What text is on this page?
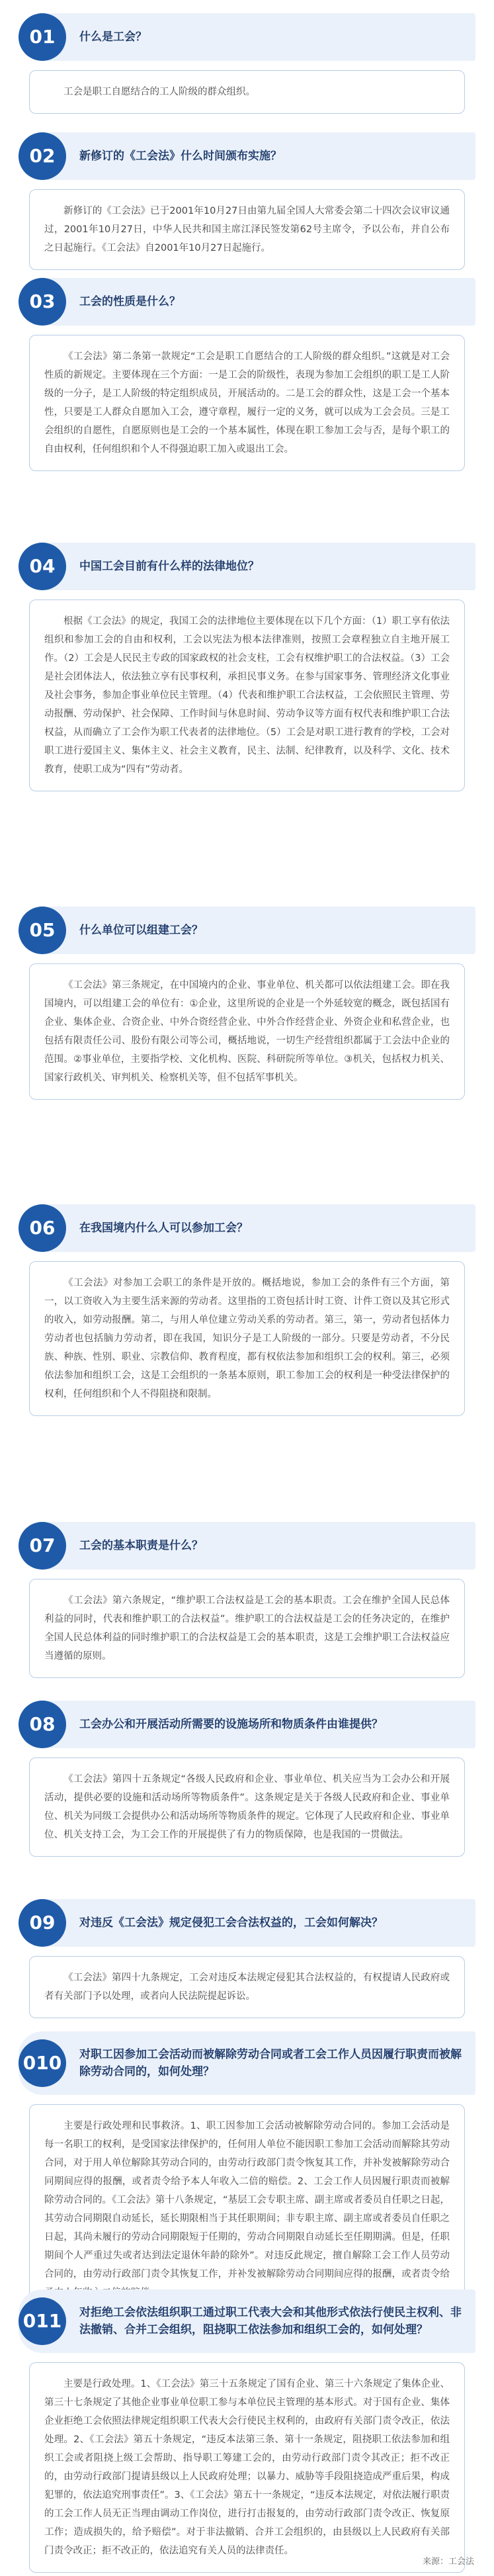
01	什么是工会？

工会是职工自愿结合的工人阶级的群众组织。

02	新修订的《工会法》什么时间颁布实施？

新修订的《工会法》已于2001年10月27日由第九届全国人大常委会第二十四次会议审议通过，2001年10月27日，中华人民共和国主席江泽民签发第62号主席令，予以公布，并自公布之日起施行。《工会法》自2001年10月27日起施行。

03	工会的性质是什么？

《工会法》第二条第一款规定“工会是职工自愿结合的工人阶级的群众组织。”这就是对工会性质的新规定。主要体现在三个方面：一是工会的阶级性，表现为参加工会组织的职工是工人阶级的一分子，是工人阶级的特定组织成员，开展活动的。二是工会的群众性，这是工会一个基本性，只要是工人群众自愿加入工会，遵守章程，履行一定的义务，就可以成为工会会员。三是工会组织的自愿性，自愿原则也是工会的一个基本属性，体现在职工参加工会与否，是每个职工的自由权利，任何组织和个人不得强迫职工加入或退出工会。

04	中国工会目前有什么样的法律地位？

根据《工会法》的规定，我国工会的法律地位主要体现在以下几个方面：（1）职工享有依法组织和参加工会的自由和权利，工会以宪法为根本法律准则，按照工会章程独立自主地开展工作。（2）工会是人民民主专政的国家政权的社会支柱，工会有权维护职工的合法权益。（3）工会是社会团体法人，依法独立享有民事权利，承担民事义务。在参与国家事务、管理经济文化事业及社会事务，参加企事业单位民主管理。（4）代表和维护职工合法权益，工会依照民主管理、劳动报酬、劳动保护、社会保障、工作时间与休息时间、劳动争议等方面有权代表和维护职工合法权益，从而确立了工会作为职工代表者的法律地位。（5）工会是对职工进行教育的学校，工会对职工进行爱国主义、集体主义、社会主义教育，民主、法制、纪律教育，以及科学、文化、技术教育，使职工成为“四有”劳动者。

05	什么单位可以组建工会？

《工会法》第三条规定，在中国境内的企业、事业单位、机关都可以依法组建工会。即在我国境内，可以组建工会的单位有：①企业，这里所说的企业是一个外延较宽的概念，既包括国有企业、集体企业、合资企业、中外合资经营企业、中外合作经营企业、外资企业和私营企业，也包括有限责任公司、股份有限公司等公司，概括地说，一切生产经营组织都属于工会法中企业的范围。②事业单位，主要指学校、文化机构、医院、科研院所等单位。③机关，包括权力机关、国家行政机关、审判机关、检察机关等，但不包括军事机关。

06	在我国境内什么人可以参加工会？

《工会法》对参加工会职工的条件是开放的。概括地说，参加工会的条件有三个方面，第一，以工资收入为主要生活来源的劳动者。这里指的工资包括计时工资、计件工资以及其它形式的收入，如劳动报酬。第二，与用人单位建立劳动关系的劳动者。第三，第一，劳动者包括体力劳动者也包括脑力劳动者，即在我国，知识分子是工人阶级的一部分。只要是劳动者，不分民族、种族、性别、职业、宗教信仰、教育程度，都有权依法参加和组织工会的权利。第三，必须依法参加和组织工会，这是工会组织的一条基本原则，职工参加工会的权利是一种受法律保护的权利，任何组织和个人不得阻挠和限制。

07	工会的基本职责是什么？

《工会法》第六条规定，“维护职工合法权益是工会的基本职责。工会在维护全国人民总体利益的同时，代表和维护职工的合法权益”。维护职工的合法权益是工会的任务决定的，在维护全国人民总体利益的同时维护职工的合法权益是工会的基本职责，这是工会维护职工合法权益应当遵循的原则。

08	工会办公和开展活动所需要的设施场所和物质条件由谁提供？

《工会法》第四十五条规定“各级人民政府和企业、事业单位、机关应当为工会办公和开展活动，提供必要的设施和活动场所等物质条件”。这条规定是关于各级人民政府和企业、事业单位、机关为同级工会提供办公和活动场所等物质条件的规定。它体现了人民政府和企业、事业单位、机关支持工会，为工会工作的开展提供了有力的物质保障，也是我国的一贯做法。

09	对违反《工会法》规定侵犯工会合法权益的，工会如何解决？

《工会法》第四十九条规定，工会对违反本法规定侵犯其合法权益的，有权提请人民政府或者有关部门予以处理，或者向人民法院提起诉讼。

010	对职工因参加工会活动而被解除劳动合同或者工会工作人员因履行职责而被解除劳动合同的，如何处理？

主要是行政处理和民事救济。1、职工因参加工会活动被解除劳动合同的。参加工会活动是每一名职工的权利，是受国家法律保护的，任何用人单位不能因职工参加工会活动而解除其劳动合同，对于用人单位解除其劳动合同的，由劳动行政部门责令恢复其工作，并补发被解除劳动合同期间应得的报酬，或者责令给予本人年收入二倍的赔偿。2、工会工作人员因履行职责而被解除劳动合同的。《工会法》第十八条规定，“基层工会专职主席、副主席或者委员自任职之日起，其劳动合同期限自动延长，延长期限相当于其任职期间；非专职主席、副主席或者委员自任职之日起，其尚未履行的劳动合同期限短于任期的，劳动合同期限自动延长至任期期满。但是，任职期间个人严重过失或者达到法定退休年龄的除外”。对违反此规定，擅自解除工会工作人员劳动合同的，由劳动行政部门责令其恢复工作，并补发被解除劳动合同期间应得的报酬，或者责令给

011	对拒绝工会依法组织职工通过职工代表大会和其他形式依法行使民主权利、非法撤销、合并工会组织，阻挠职工依法参加和组织工会的，如何处理？

主要是行政处理。1、《工会法》第三十五条规定了国有企业、第三十六条规定了集体企业、第三十七条规定了其他企业事业单位职工参与本单位民主管理的基本形式。对于国有企业、集体企业拒绝工会依照法律规定组织职工代表大会行使民主权利的，由政府有关部门责令改正，依法处理。2、《工会法》第五十条规定，“违反本法第三条、第十一条规定，阻挠职工依法参加和组织工会或者阻挠上级工会帮助、指导职工筹建工会的，由劳动行政部门责令其改正；拒不改正的，由劳动行政部门提请县级以上人民政府处理；以暴力、威胁等手段阻挠造成严重后果，构成犯罪的，依法追究刑事责任”。3、《工会法》第五十一条规定，“违反本法规定，对依法履行职责的工会工作人员无正当理由调动工作岗位，进行打击报复的，由劳动行政部门责令改正、恢复原工作；造成损失的，给予赔偿”。对于非法撤销、合并工会组织的，由县级以上人民政府有关部门责令改正；拒不改正的，依法追究有关人员的法律责任。

来源：工会法
